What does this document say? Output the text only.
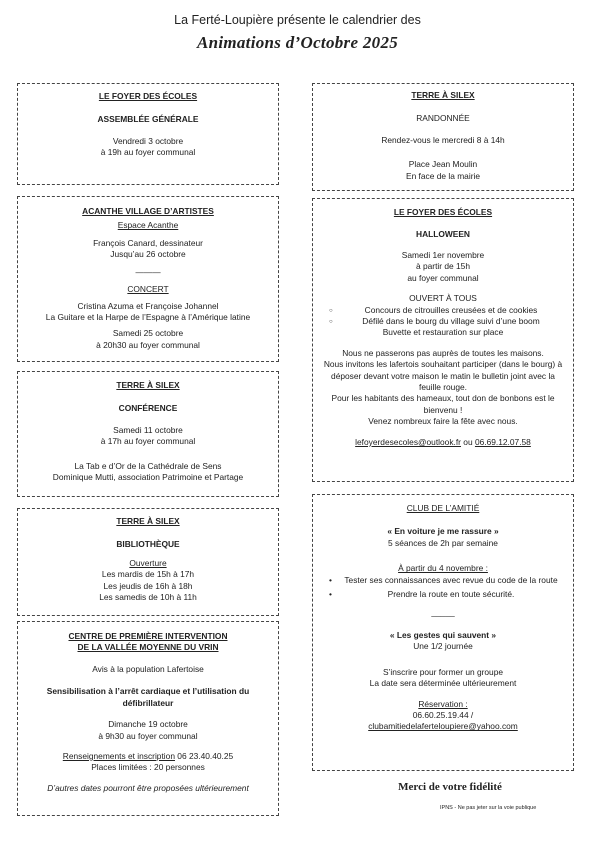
La Ferté-Loupière présente le calendrier des
Animations d’Octobre 2025
LE FOYER DES ÉCOLES
ASSEMBLÉE GÉNÉRALE
Vendredi 3 octobre
à 19h au foyer communal
ACANTHE VILLAGE D’ARTISTES
Espace Acanthe
François Canard, dessinateur
Jusqu’au 26 octobre
———
CONCERT
Cristina Azuma et Françoise Johannel
La Guitare et la Harpe de l’Espagne à l’Amérique latine
Samedi 25 octobre
à 20h30 au foyer communal
TERRE À SILEX
CONFÉRENCE
Samedi 11 octobre
à 17h au foyer communal
La Tab e d’Or de la Cathédrale de Sens
Dominique Mutti, association Patrimoine et Partage
TERRE À SILEX
BIBLIOTHÈQUE
Ouverture
Les mardis de 15h à 17h
Les jeudis de 16h à 18h
Les samedis de 10h à 11h
CENTRE DE PREMIÈRE INTERVENTION
DE LA VALLÉE MOYENNE DU VRIN
Avis à la population Lafertoise
Sensibilisation à l’arrêt cardiaque et l’utilisation du
défibrillateur
Dimanche 19 octobre
à 9h30 au foyer communal
Renseignements et inscription 06 23.40.40.25
Places limitées : 20 personnes
D’autres dates pourront être proposées ultérieurement
TERRE À SILEX
RANDONNÉE
Rendez-vous le mercredi 8 à 14h
Place Jean Moulin
En face de la mairie
LE FOYER DES ÉCOLES
HALLOWEEN
Samedi 1er novembre
à partir de 15h
au foyer communal
OUVERT À TOUS
○ Concours de citrouilles creusées et de cookies
○ Défilé dans le bourg du village suivi d’une boom
Buvette et restauration sur place
Nous ne passerons pas auprès de toutes les maisons.
Nous invitons les lafertois souhaitant participer (dans le bourg) à déposer devant votre maison le matin le bulletin joint avec la feuille rouge.
Pour les habitants des hameaux, tout don de bonbons est le bienvenu !
Venez nombreux faire la fête avec nous.
lefoyerdesecoles@outlook.fr ou 06.69.12.07.58
CLUB DE L’AMITIÉ
« En voiture je me rassure »
5 séances de 2h par semaine
À partir du 4 novembre :
• Tester ses connaissances avec revue du code de la route
• Prendre la route en toute sécurité.
_____
« Les gestes qui sauvent »
Une 1/2 journée
S’inscrire pour former un groupe
La date sera déterminée ultérieurement
Réservation :
06.60.25.19.44 /
clubamitiedelaferteloupiere@yahoo.com
Merci de votre fidélité
IPNS - Ne pas jeter sur la voie publique
